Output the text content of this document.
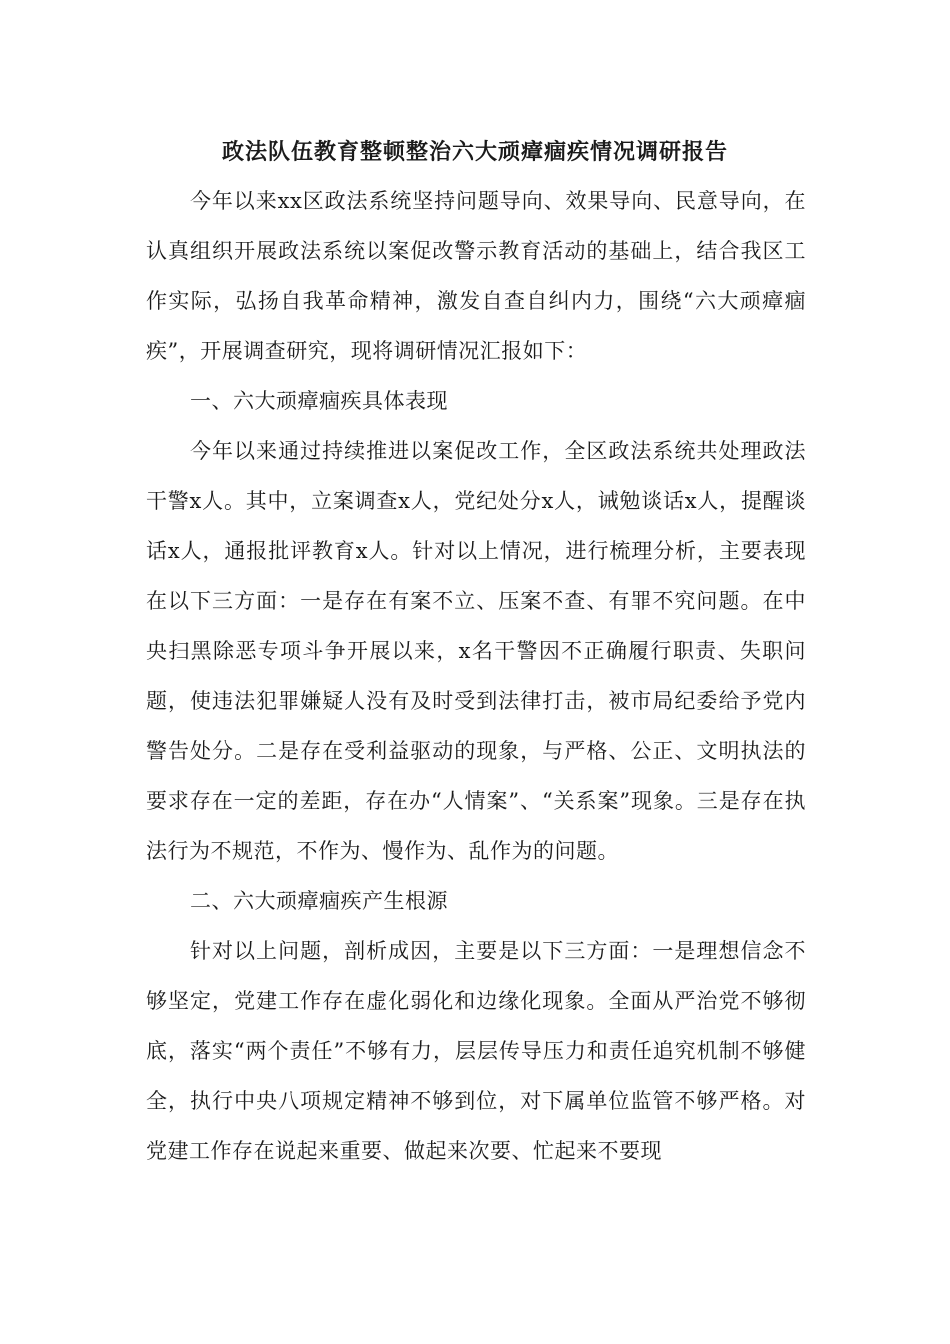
政法队伍教育整顿整治六大顽瘴痼疾情况调研报告

今年以来xx区政法系统坚持问题导向、效果导向、民意导向，在认真组织开展政法系统以案促改警示教育活动的基础上，结合我区工作实际，弘扬自我革命精神，激发自查自纠内力，围绕“六大顽瘴痼疾”，开展调查研究，现将调研情况汇报如下：

一、六大顽瘴痼疾具体表现

今年以来通过持续推进以案促改工作，全区政法系统共处理政法干警x人。其中，立案调查x人，党纪处分x人，诫勉谈话x人，提醒谈话x人，通报批评教育x人。针对以上情况，进行梳理分析，主要表现在以下三方面：一是存在有案不立、压案不查、有罪不究问题。在中央扫黑除恶专项斗争开展以来，x名干警因不正确履行职责、失职问题，使违法犯罪嫌疑人没有及时受到法律打击，被市局纪委给予党内警告处分。二是存在受利益驱动的现象，与严格、公正、文明执法的要求存在一定的差距，存在办“人情案”、“关系案”现象。三是存在执法行为不规范，不作为、慢作为、乱作为的问题。

二、六大顽瘴痼疾产生根源

针对以上问题，剖析成因，主要是以下三方面：一是理想信念不够坚定，党建工作存在虚化弱化和边缘化现象。全面从严治党不够彻底，落实“两个责任”不够有力，层层传导压力和责任追究机制不够健全，执行中央八项规定精神不够到位，对下属单位监管不够严格。对党建工作存在说起来重要、做起来次要、忙起来不要现
